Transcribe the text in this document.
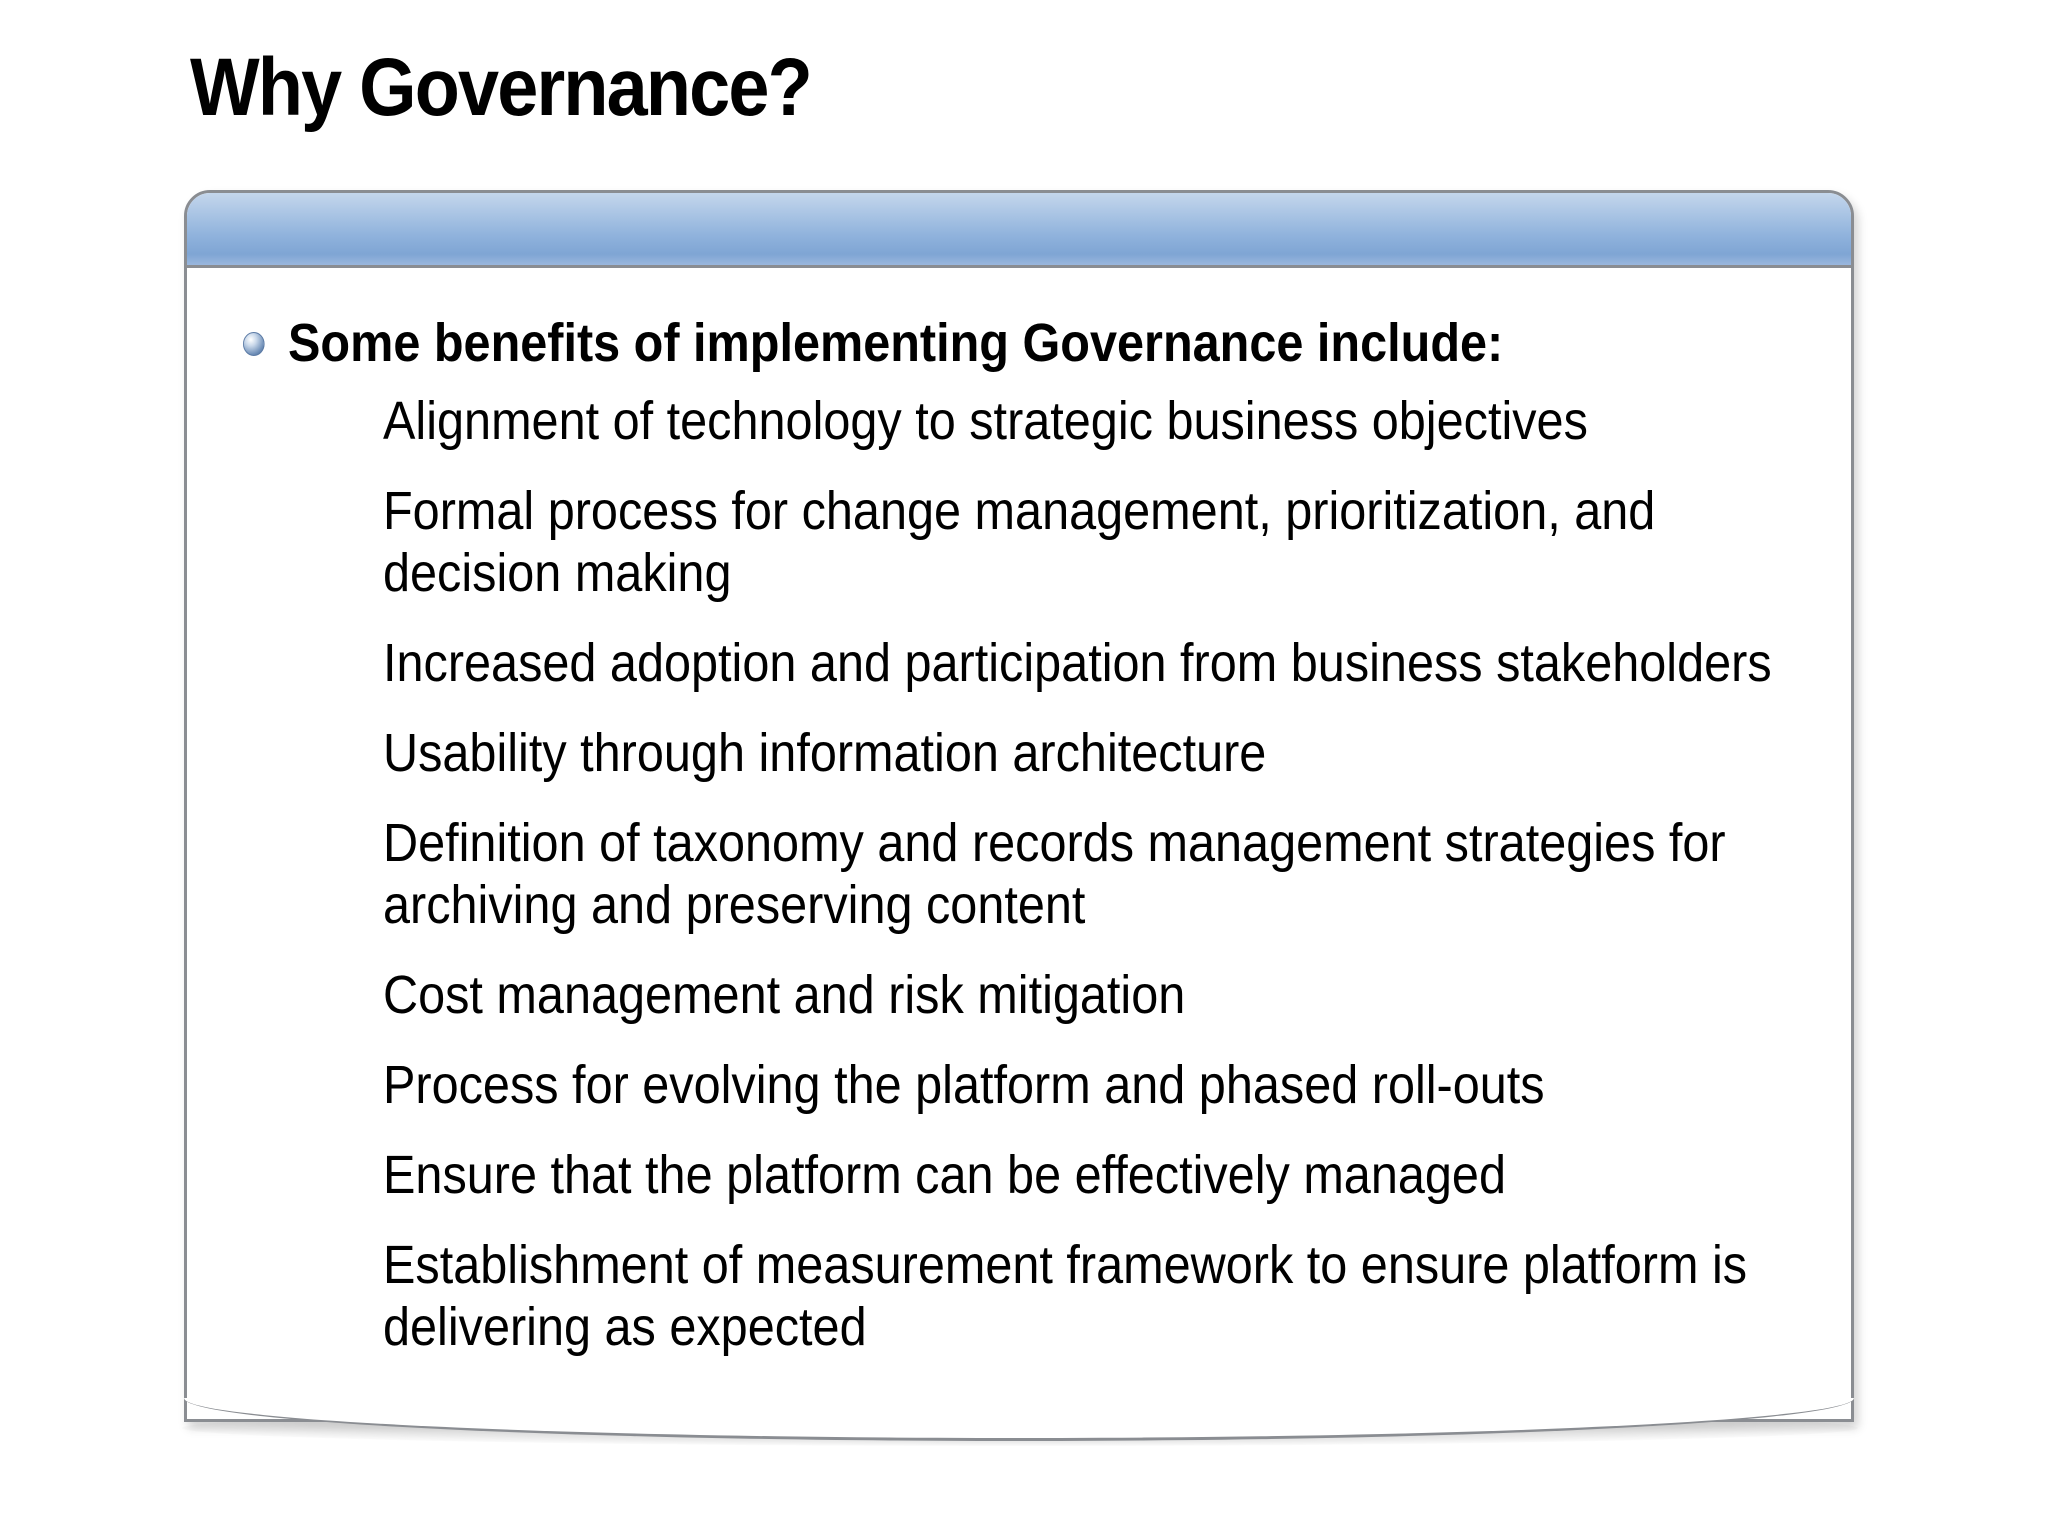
Why Governance?
Some benefits of implementing Governance include:
Alignment of technology to strategic business objectives
Formal process for change management, prioritization, and decision making
Increased adoption and participation from business stakeholders
Usability through information architecture
Definition of taxonomy and records management strategies for archiving and preserving content
Cost management and risk mitigation
Process for evolving the platform and phased roll-outs
Ensure that the platform can be effectively managed
Establishment of measurement framework to ensure platform is delivering as expected
